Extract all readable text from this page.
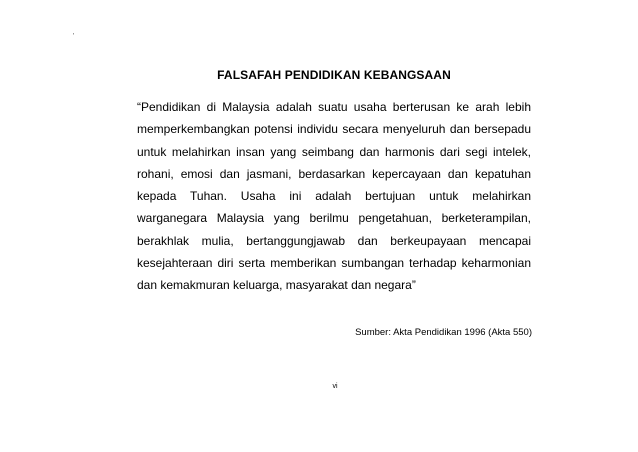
'
FALSAFAH PENDIDIKAN KEBANGSAAN
“Pendidikan di Malaysia adalah suatu usaha berterusan ke arah lebih
memperkembangkan potensi individu secara menyeluruh dan bersepadu
untuk melahirkan insan yang seimbang dan harmonis dari segi intelek,
rohani, emosi dan jasmani, berdasarkan kepercayaan dan kepatuhan
kepada Tuhan. Usaha ini adalah bertujuan untuk melahirkan
warganegara Malaysia yang berilmu pengetahuan, berketerampilan,
berakhlak mulia, bertanggungjawab dan berkeupayaan mencapai
kesejahteraan diri serta memberikan sumbangan terhadap keharmonian
dan kemakmuran keluarga, masyarakat dan negara”
Sumber: Akta Pendidikan 1996 (Akta 550)
vi
